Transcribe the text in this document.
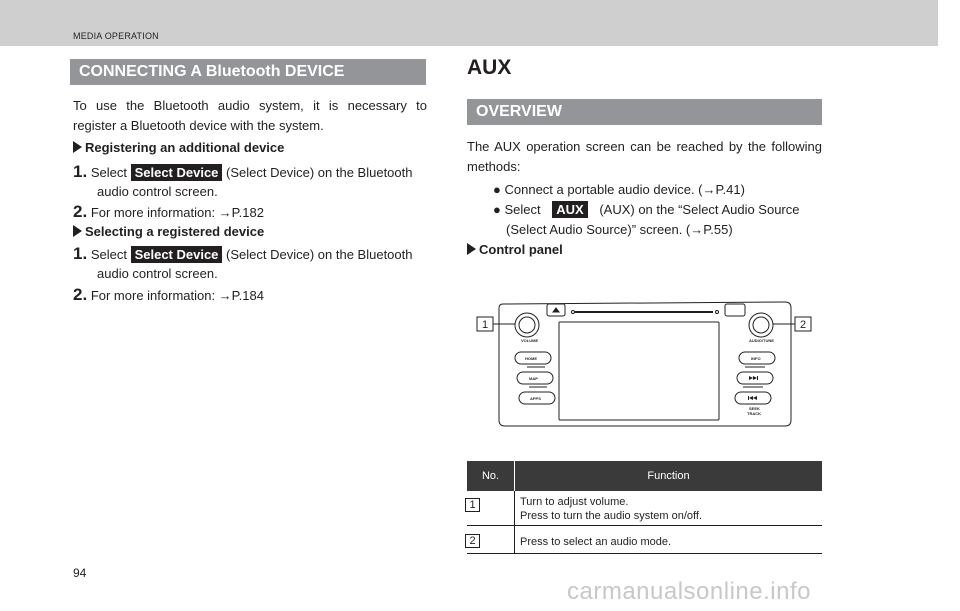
MEDIA OPERATION
CONNECTING A Bluetooth DEVICE
To use the Bluetooth audio system, it is necessary to
register a Bluetooth device with the system.
Registering an additional device
1. Select Select Device (Select Device) on the Bluetooth
audio control screen.
2. For more information: →P.182
Selecting a registered device
1. Select Select Device (Select Device) on the Bluetooth
audio control screen.
2. For more information: →P.184
AUX
OVERVIEW
The AUX operation screen can be reached by the following
methods:
● Connect a portable audio device. (→P.41)
● Select AUX (AUX) on the “Select Audio Source
(Select Audio Source)” screen. (→P.55)
Control panel
VOLUME	AUDIO/TUNE
HOME
MAP
APPS
INFO
SEEK
TRACK
1	2
No.	Function
1	Turn to adjust volume.
Press to turn the audio system on/off.
2	Press to select an audio mode.
94
carmanualsonline.info
